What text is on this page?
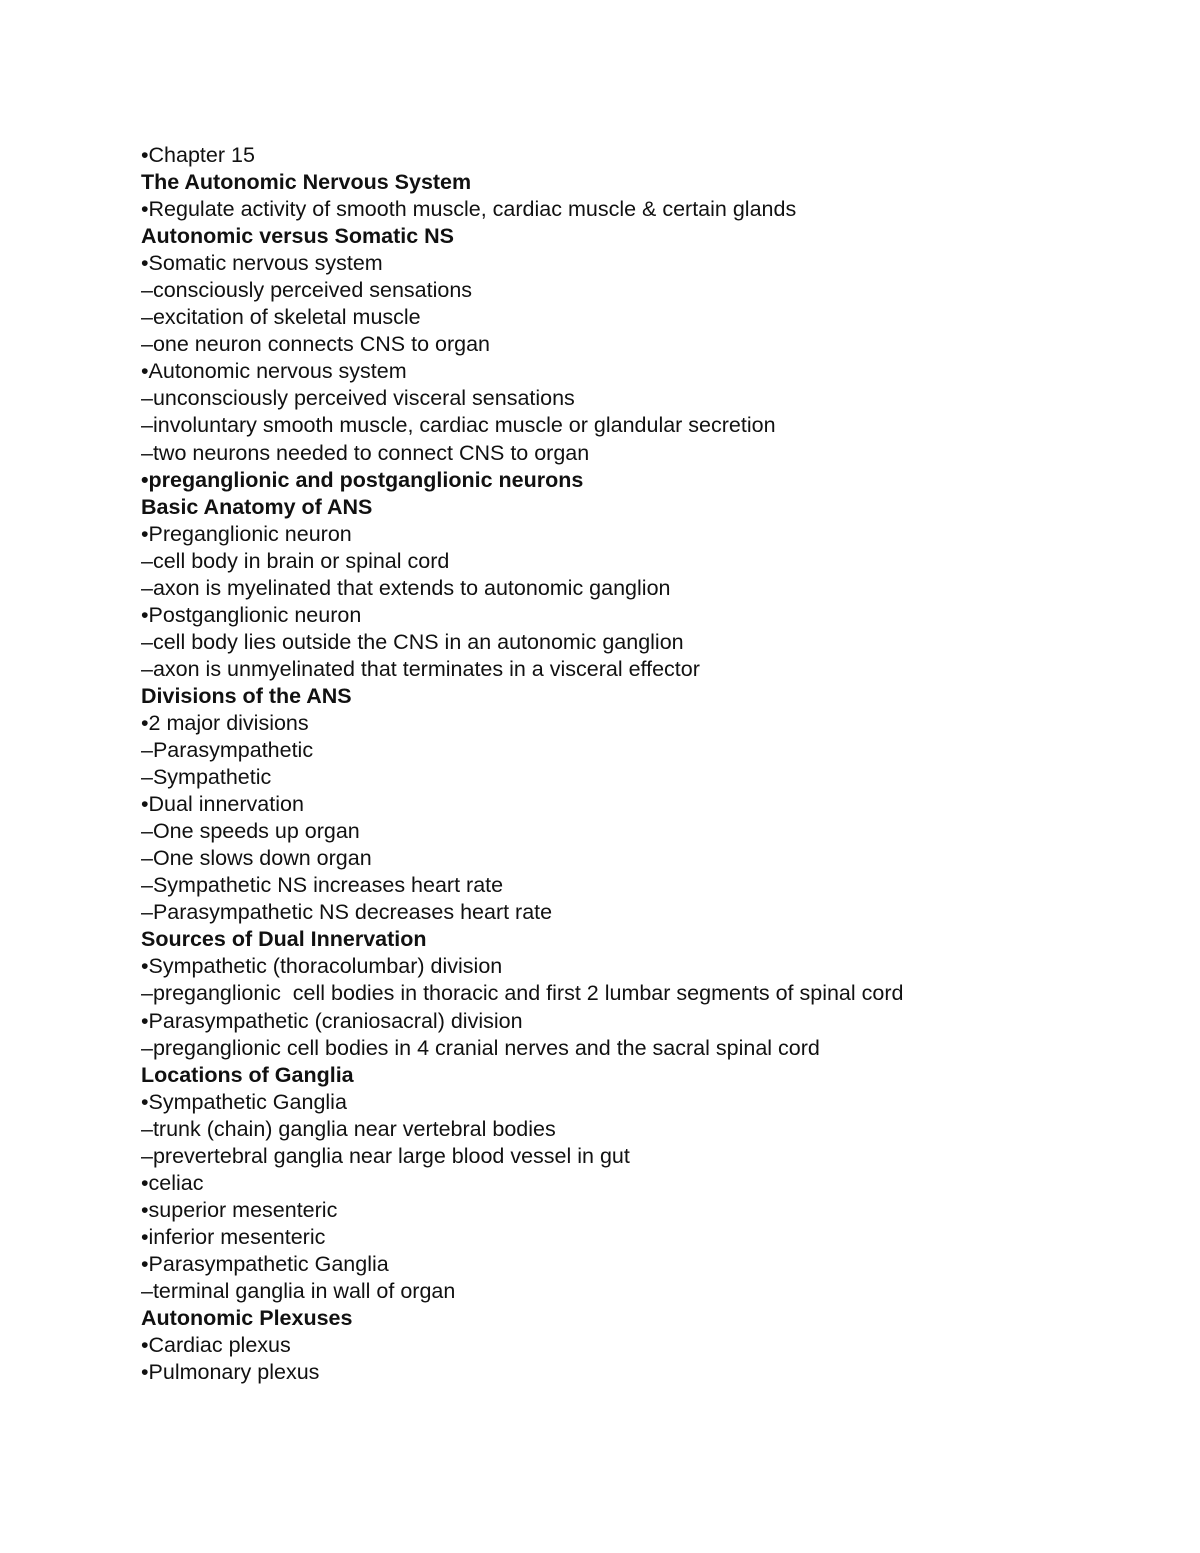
•Chapter 15
The Autonomic Nervous System
•Regulate activity of smooth muscle, cardiac muscle & certain glands
Autonomic versus Somatic NS
•Somatic nervous system
–consciously perceived sensations
–excitation of skeletal muscle
–one neuron connects CNS to organ
•Autonomic nervous system
–unconsciously perceived visceral sensations
–involuntary smooth muscle, cardiac muscle or glandular secretion
–two neurons needed to connect CNS to organ
•preganglionic and postganglionic neurons
Basic Anatomy of ANS
•Preganglionic neuron
–cell body in brain or spinal cord
–axon is myelinated that extends to autonomic ganglion
•Postganglionic neuron
–cell body lies outside the CNS in an autonomic ganglion
–axon is unmyelinated that terminates in a visceral effector
Divisions of the ANS
•2 major divisions
–Parasympathetic
–Sympathetic
•Dual innervation
–One speeds up organ
–One slows down organ
–Sympathetic NS increases heart rate
–Parasympathetic NS decreases heart rate
Sources of Dual Innervation
•Sympathetic (thoracolumbar) division
–preganglionic  cell bodies in thoracic and first 2 lumbar segments of spinal cord
•Parasympathetic (craniosacral) division
–preganglionic cell bodies in 4 cranial nerves and the sacral spinal cord
Locations of Ganglia
•Sympathetic Ganglia
–trunk (chain) ganglia near vertebral bodies
–prevertebral ganglia near large blood vessel in gut
•celiac
•superior mesenteric
•inferior mesenteric
•Parasympathetic Ganglia
–terminal ganglia in wall of organ
Autonomic Plexuses
•Cardiac plexus
•Pulmonary plexus
